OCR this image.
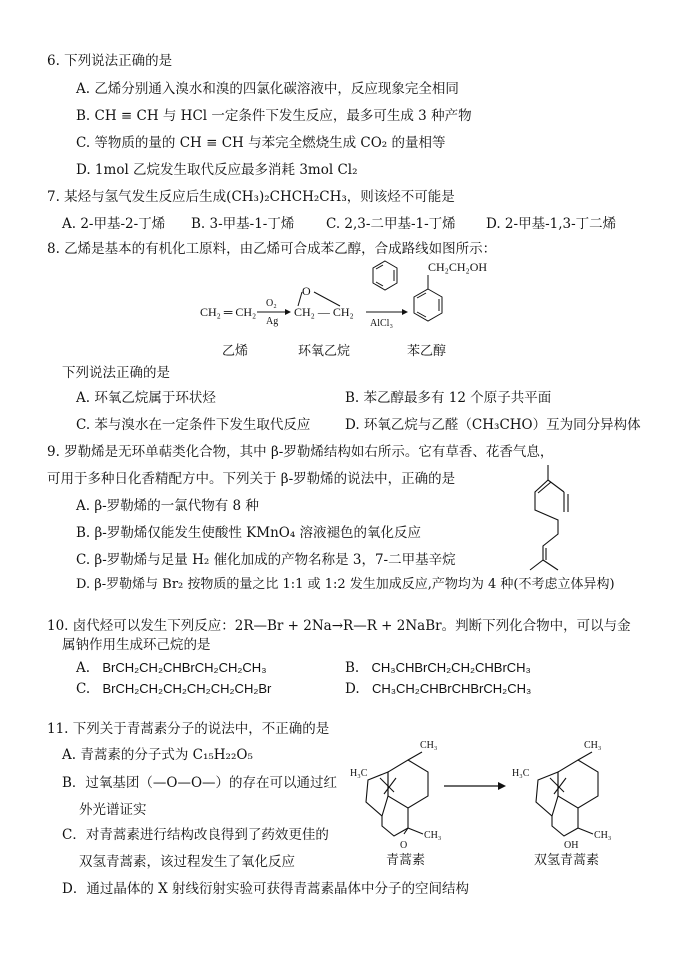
6. 下列说法正确的是
A. 乙烯分别通入溴水和溴的四氯化碳溶液中，反应现象完全相同
B. CH ≡ CH 与 HCl 一定条件下发生反应，最多可生成 3 种产物
C. 等物质的量的 CH ≡ CH 与苯完全燃烧生成 CO₂ 的量相等
D. 1mol 乙烷发生取代反应最多消耗 3mol Cl₂
7. 某烃与氢气发生反应后生成(CH₃)₂CHCH₂CH₃，则该烃不可能是
A. 2-甲基-2-丁烯 B. 3-甲基-1-丁烯 C. 2,3-二甲基-1-丁烯 D. 2-甲基-1,3-丁二烯
8. 乙烯是基本的有机化工原料，由乙烯可合成苯乙醇，合成路线如图所示：
CH₂ ═ CH₂
O₂
Ag
O
CH₂ — CH₂
AlCl₃
CH₂CH₂OH
乙烯	环氧乙烷	苯乙醇
下列说法正确的是
A. 环氧乙烷属于环状烃	B. 苯乙醇最多有 12 个原子共平面
C. 苯与溴水在一定条件下发生取代反应	D. 环氧乙烷与乙醛（CH₃CHO）互为同分异构体
9. 罗勒烯是无环单萜类化合物，其中 β-罗勒烯结构如右所示。它有草香、花香气息，
可用于多种日化香精配方中。下列关于 β-罗勒烯的说法中，正确的是
A. β-罗勒烯的一氯代物有 8 种
B. β-罗勒烯仅能发生使酸性 KMnO₄ 溶液褪色的氧化反应
C. β-罗勒烯与足量 H₂ 催化加成的产物名称是 3，7-二甲基辛烷
D. β-罗勒烯与 Br₂ 按物质的量之比 1:1 或 1:2 发生加成反应,产物均为 4 种(不考虑立体异构)
10. 卤代烃可以发生下列反应：2R—Br + 2Na→R—R + 2NaBr。判断下列化合物中，可以与金
属钠作用生成环己烷的是
A. BrCH₂CH₂CHBrCH₂CH₂CH₃	B. CH₃CHBrCH₂CH₂CHBrCH₃
C. BrCH₂CH₂CH₂CH₂CH₂CH₂Br	D. CH₃CH₂CHBrCHBrCH₂CH₃
11. 下列关于青蒿素分子的说法中，不正确的是
A. 青蒿素的分子式为 C₁₅H₂₂O₅
B．过氧基团（—O—O—）的存在可以通过红
外光谱证实
C．对青蒿素进行结构改良得到了药效更佳的
双氢青蒿素，该过程发生了氧化反应
D．通过晶体的 X 射线衍射实验可获得青蒿素晶体中分子的空间结构
CH₃
H₃C
CH₃
O
CH₃
H₃C
CH₃
OH
青蒿素	双氢青蒿素
